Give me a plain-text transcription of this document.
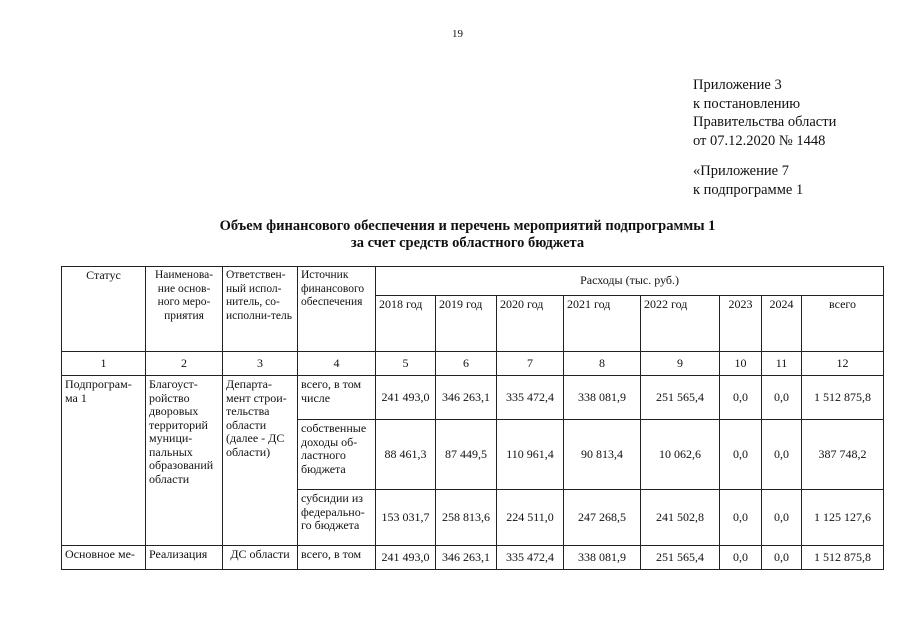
19
Приложение 3
к постановлению
Правительства области
от 07.12.2020 № 1448
«Приложение 7
к подпрограмме 1
Объем финансового обеспечения и перечень мероприятий подпрограммы 1
за счет средств областного бюджета
Статус	Наименова-ние основ-ного меро-приятия	Ответствен-ный испол-нитель, со-исполни-тель	Источник финансового обеспечения	Расходы (тыс. руб.)							
				2018 год	2019 год	2020 год	2021 год	2022 год	2023	2024	всего
1	2	3	4	5	6	7	8	9	10	11	12
Подпрограм-ма 1	Благоуст-ройство дворовых территорий муници-пальных образований области	Департа-мент строи-тельства области (далее - ДС области)	всего, в том числе	241 493,0	346 263,1	335 472,4	338 081,9	251 565,4	0,0	0,0	1 512 875,8
			собственные доходы об-ластного бюджета	88 461,3	87 449,5	110 961,4	90 813,4	10 062,6	0,0	0,0	387 748,2
			субсидии из федерально-го бюджета	153 031,7	258 813,6	224 511,0	247 268,5	241 502,8	0,0	0,0	1 125 127,6
Основное ме-	Реализация	ДС области	всего, в том	241 493,0	346 263,1	335 472,4	338 081,9	251 565,4	0,0	0,0	1 512 875,8
